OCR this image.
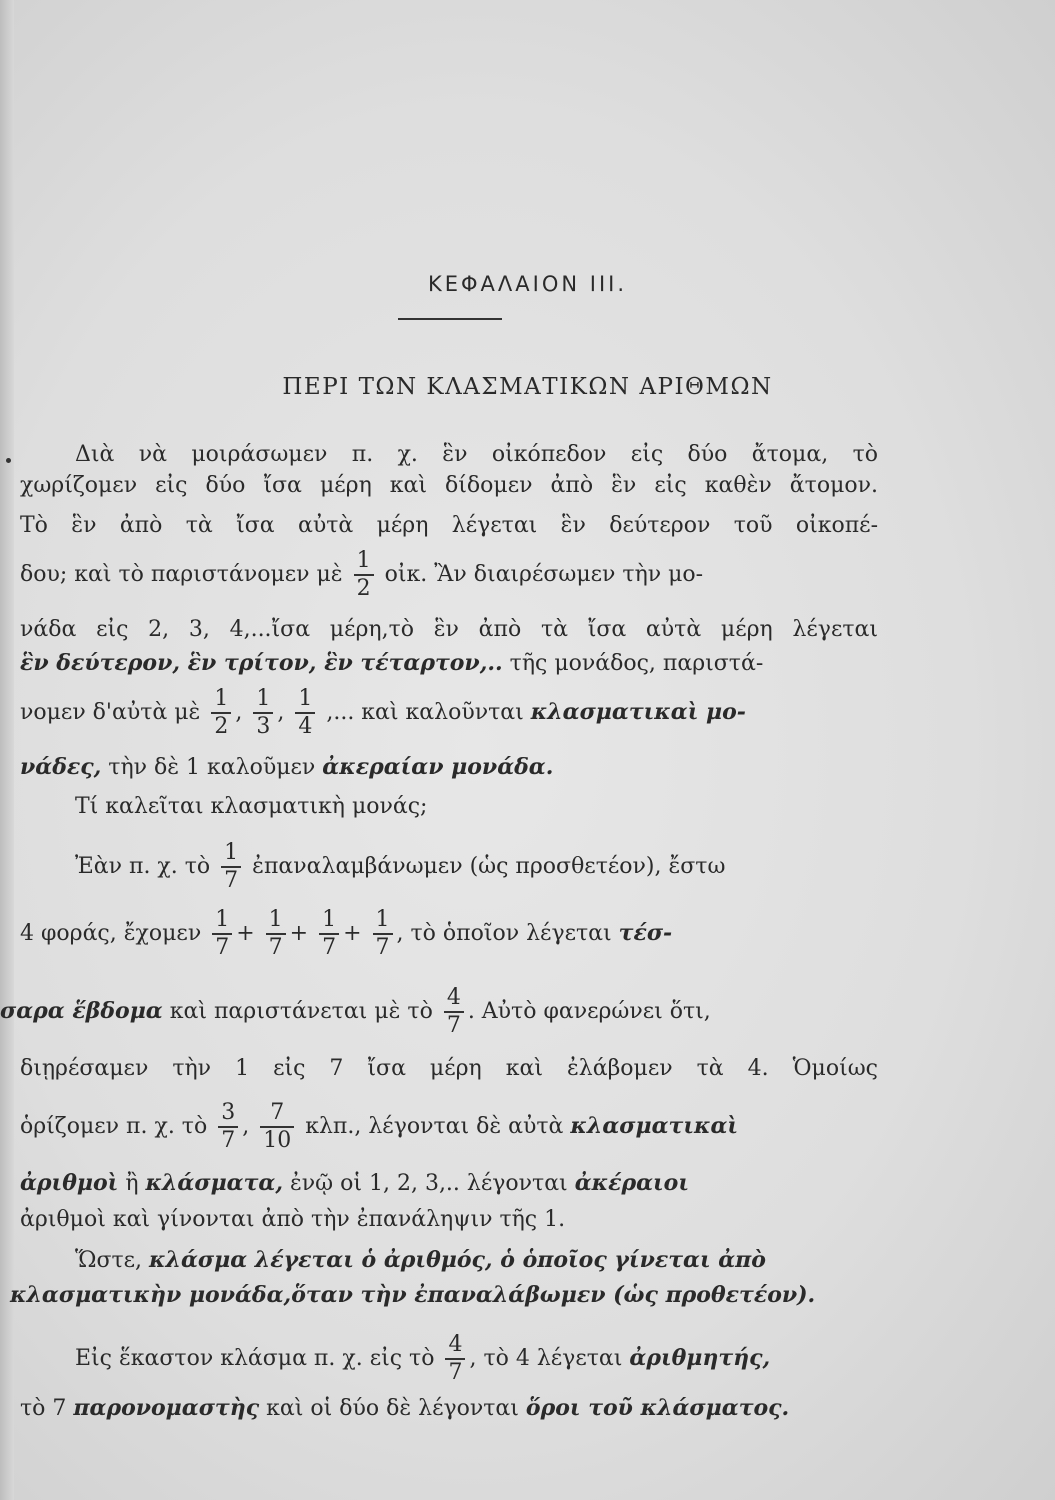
ΚΕΦΑΛΑΙΟΝ ΙΙΙ.
ΠΕΡΙ ΤΩΝ ΚΛΑΣΜΑΤΙΚΩΝ ΑΡΙΘΜΩΝ
Διὰ νὰ μοιράσωμεν π. χ. ἓν οἰκόπεδον εἰς δύο ἄτομα, τὸ
χωρίζομεν εἰς δύο ἴσα μέρη καὶ δίδομεν ἀπὸ ἓν εἰς καθὲν ἄτομον.
Τὸ ἓν ἀπὸ τὰ ἴσα αὐτὰ μέρη λέγεται ἓν δεύτερον τοῦ οἰκοπέ-
δου; καὶ τὸ παριστάνομεν μὲ $\frac{1}{2}$ οἰκ. Ἂν διαιρέσωμεν τὴν μο-
νάδα εἰς 2, 3, 4,...ἴσα μέρη,τὸ ἓν ἀπὸ τὰ ἴσα αὐτὰ μέρη λέγεται
ἓν δεύτερον, ἓν τρίτον, ἓν τέταρτον,.. τῆς μονάδος, παριστά-
νομεν δ'αὐτὰ μὲ $\frac{1}{2}$ , $\frac{1}{3}$ , $\frac{1}{4}$ ,... καὶ καλοῦνται κλασματικαὶ μο-
νάδες, τὴν δὲ 1 καλοῦμεν ἀκεραίαν μονάδα.
Τί καλεῖται κλασματικὴ μονάς;
Ἐὰν π. χ. τὸ $\frac{1}{7}$ ἐπαναλαμβάνωμεν (ὡς προσθετέον), ἔστω
4 φοράς, ἔχομεν $\frac{1}{7} + \frac{1}{7} + \frac{1}{7} + \frac{1}{7}$ , τὸ ὁποῖον λέγεται τέσ-
σαρα ἕβδομα καὶ παριστάνεται μὲ τὸ $\frac{4}{7}$ . Αὐτὸ φανερώνει ὅτι,
διῃρέσαμεν τὴν 1 εἰς 7 ἴσα μέρη καὶ ἐλάβομεν τὰ 4. Ὁμοίως
ὁρίζομεν π. χ. τὸ $\frac{3}{7}$ , $\frac{7}{10} \kappa\lambda\pi$., λέγονται δὲ αὐτὰ κλασματικαὶ
ἀριθμοὶ ἢ κλάσματα, ἐνῷ οἱ 1, 2, 3,.. λέγονται ἀκέραιοι
ἀριθμοὶ καὶ γίνονται ἀπὸ τὴν ἐπανάληψιν τῆς 1.
Ὥστε, κλάσμα λέγεται ὁ ἀριθμός, ὁ ὁποῖος γίνεται ἀπὸ
κλασματικὴν μονάδα,ὅταν τὴν ἐπαναλάβωμεν (ὡς προθετέον).
Εἰς ἕκαστον κλάσμα π. χ. εἰς τὸ $\frac{4}{7}$ , τὸ 4 λέγεται ἀριθμητής,
τὸ 7 παρονομαστὴς καὶ οἱ δύο δὲ λέγονται ὅροι τοῦ κλάσματος.
